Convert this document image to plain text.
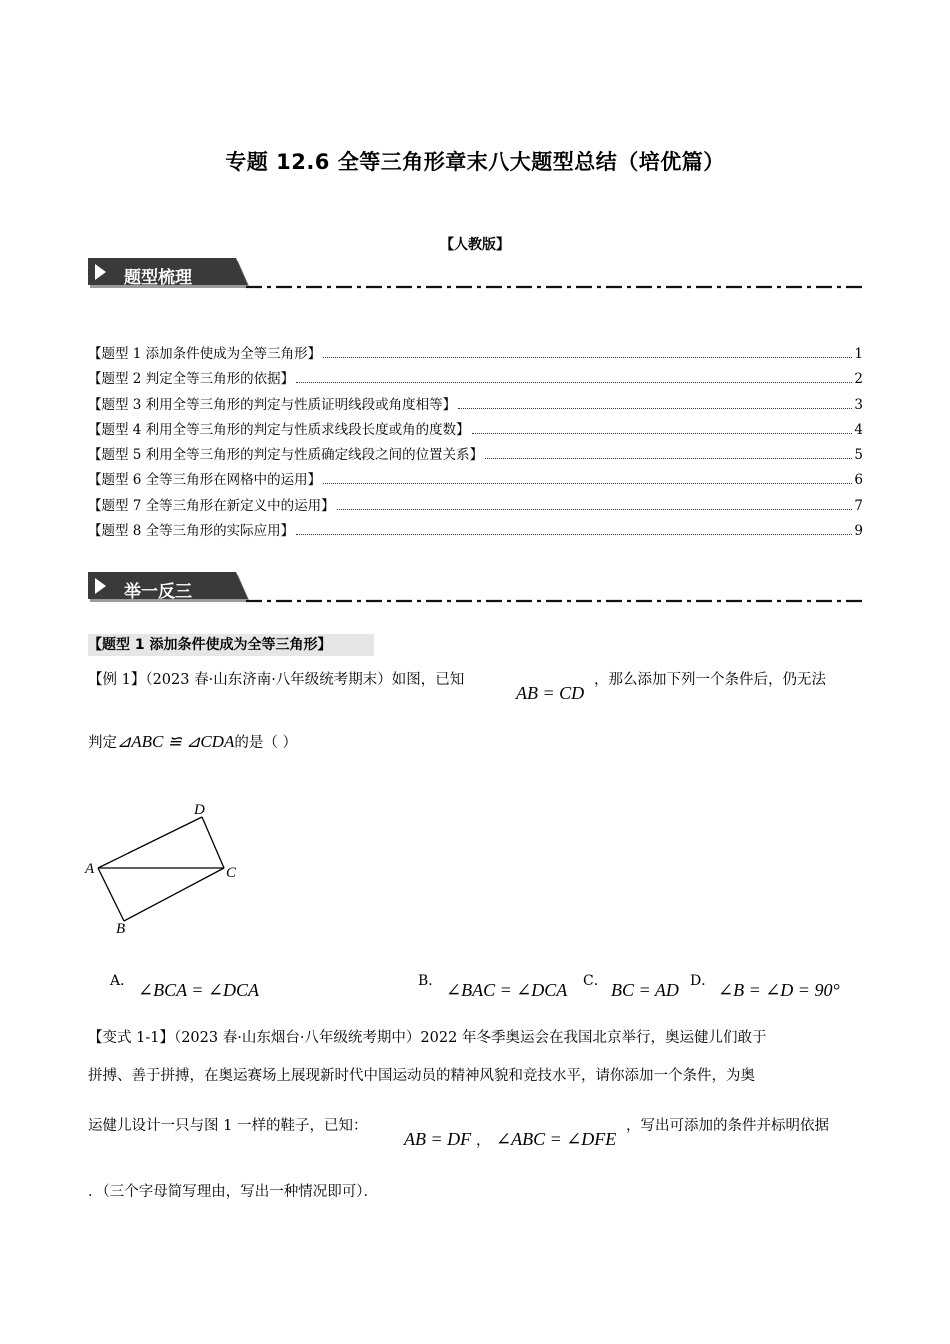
专题 12.6 全等三角形章末八大题型总结（培优篇）
【人教版】
题型梳理
【题型 1 添加条件使成为全等三角形】	1
【题型 2 判定全等三角形的依据】	2
【题型 3 利用全等三角形的判定与性质证明线段或角度相等】	3
【题型 4 利用全等三角形的判定与性质求线段长度或角的度数】	4
【题型 5 利用全等三角形的判定与性质确定线段之间的位置关系】	5
【题型 6 全等三角形在网格中的运用】	6
【题型 7 全等三角形在新定义中的运用】	7
【题型 8 全等三角形的实际应用】	9
举一反三
【题型 1 添加条件使成为全等三角形】
【例 1】（2023 春·山东济南·八年级统考期末）如图，已知
AB = CD
，那么添加下列一个条件后，仍无法
判定⊿ABC ≌ ⊿CDA的是（ ）
D
A	C
B
A． ∠BCA = ∠DCA	B． ∠BAC = ∠DCA C． BC = AD D． ∠B = ∠D = 90°
【变式 1-1】（2023 春·山东烟台·八年级统考期中）2022 年冬季奥运会在我国北京举行，奥运健儿们敢于
拼搏、善于拼搏，在奥运赛场上展现新时代中国运动员的精神风貌和竞技水平，请你添加一个条件，为奥
运健儿设计一只与图 1 一样的鞋子，已知：
AB = DF ， ∠ABC = ∠DFE
，写出可添加的条件并标明依据
．（三个字母简写理由，写出一种情况即可）．
